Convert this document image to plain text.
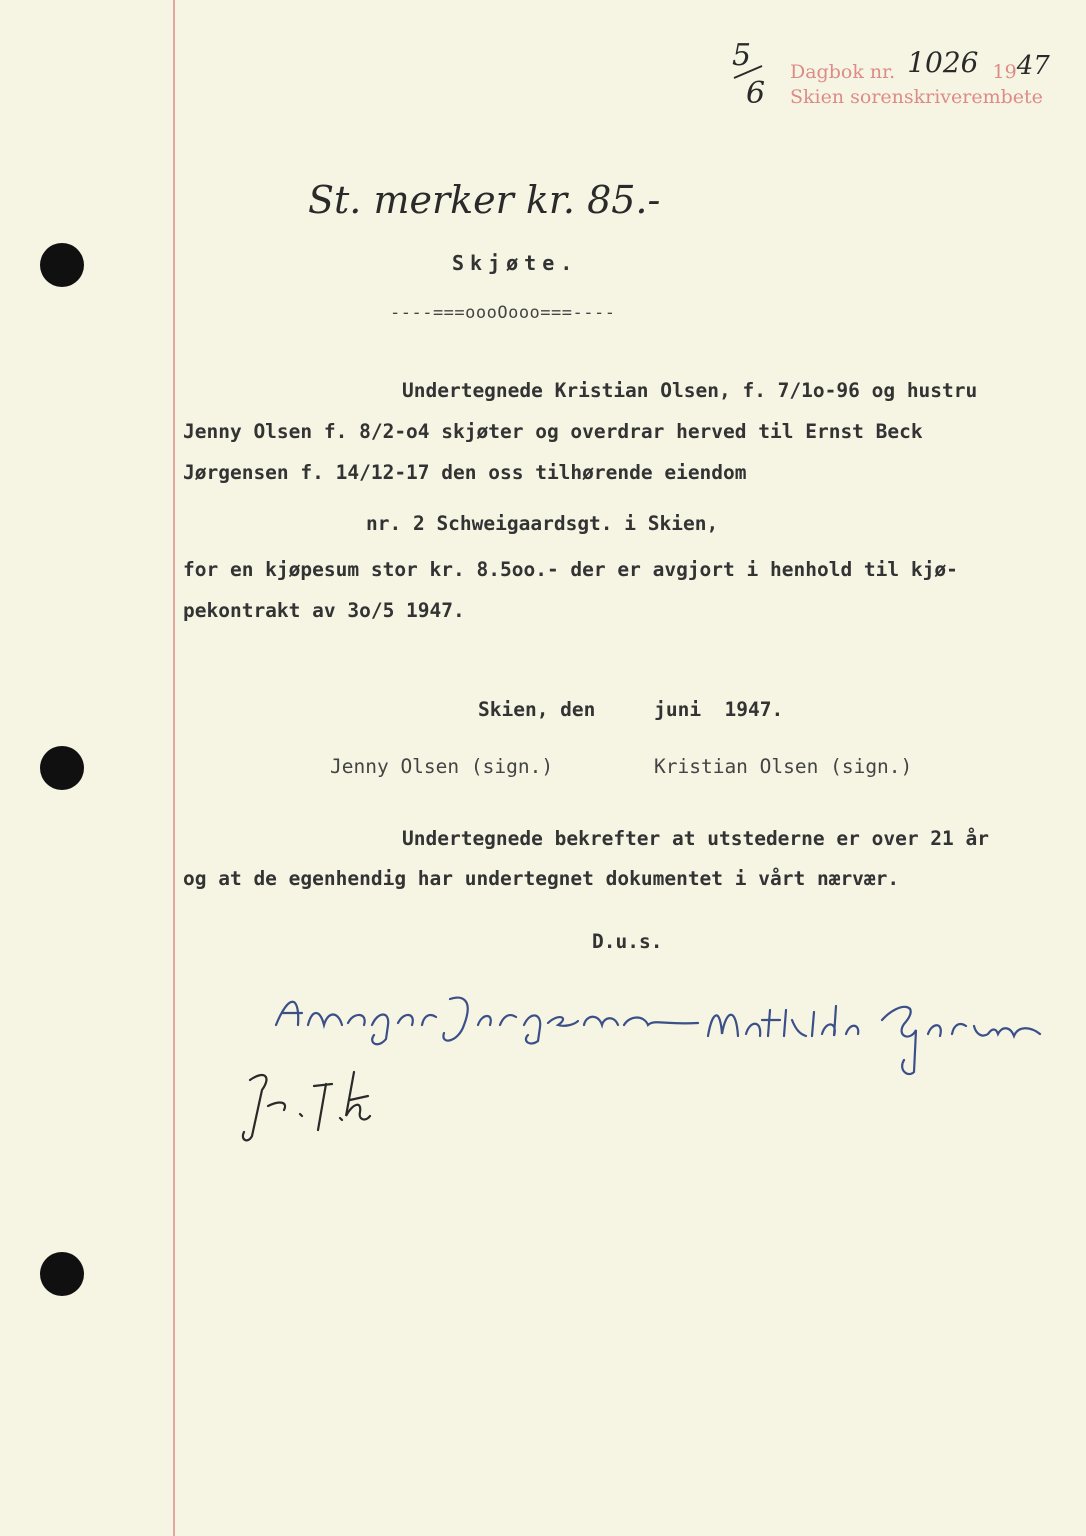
5
6
Dagbok nr. 1026 1947
Skien sorenskriverembete
St. merker kr. 85.-
Skjøte.
----===oooOooo===----
Undertegnede Kristian Olsen, f. 7/1o-96 og hustru
Jenny Olsen f. 8/2-o4 skjøter og overdrar herved til Ernst Beck
Jørgensen f. 14/12-17 den oss tilhørende eiendom
nr. 2 Schweigaardsgt. i Skien,
for en kjøpesum stor kr. 8.5oo.- der er avgjort i henhold til kjø-
pekontrakt av 3o/5 1947.
Skien, den     juni  1947.
Jenny Olsen (sign.)	Kristian Olsen (sign.)
Undertegnede bekrefter at utstederne er over 21 år
og at de egenhendig har undertegnet dokumentet i vårt nærvær.
D.u.s.
